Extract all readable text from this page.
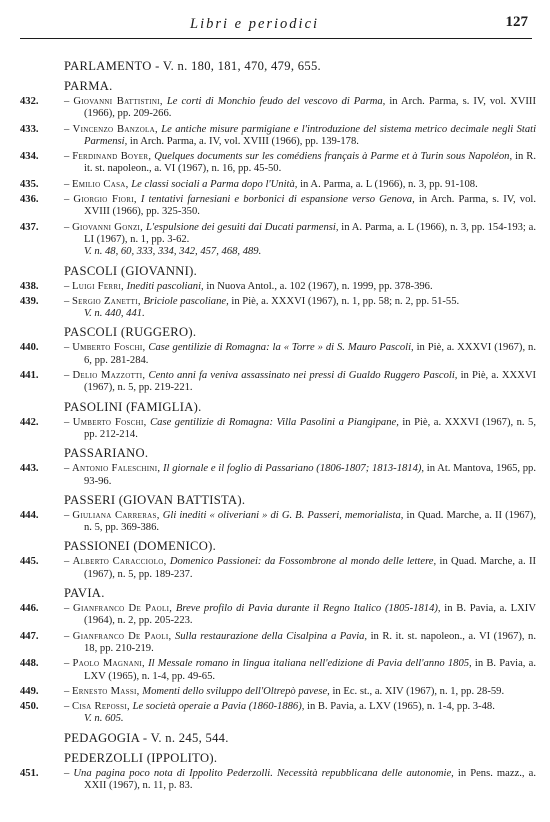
Libri e periodici	127
PARLAMENTO - V. n. 180, 181, 470, 479, 655.
PARMA.
432. – Giovanni Battistini, Le corti di Monchio feudo del vescovo di Parma, in Arch. Parma, s. IV, vol. XVIII (1966), pp. 209-266.
433. – Vincenzo Banzola, Le antiche misure parmigiane e l'introduzione del sistema metrico decimale negli Stati Parmensi, in Arch. Parma, a. IV, vol. XVIII (1966), pp. 139-178.
434. – Ferdinand Boyer, Quelques documents sur les comédiens français à Parme et à Turin sous Napoléon, in R. it. st. napoleon., a. VI (1967), n. 16, pp. 45-50.
435. – Emilio Casa, Le classi sociali a Parma dopo l'Unità, in A. Parma, a. L (1966), n. 3, pp. 91-108.
436. – Giorgio Fiori, I tentativi farnesiani e borbonici di espansione verso Genova, in Arch. Parma, s. IV, vol. XVIII (1966), pp. 325-350.
437. – Giovanni Gonzi, L'espulsione dei gesuiti dai Ducati parmensi, in A. Parma, a. L (1966), n. 3, pp. 154-193; a. LI (1967), n. 1, pp. 3-62.
V. n. 48, 60, 333, 334, 342, 457, 468, 489.
PASCOLI (GIOVANNI).
438. – Luigi Ferri, Inediti pascoliani, in Nuova Antol., a. 102 (1967), n. 1999, pp. 378-396.
439. – Sergio Zanetti, Briciole pascoliane, in Piè, a. XXXVI (1967), n. 1, pp. 58; n. 2, pp. 51-55.
V. n. 440, 441.
PASCOLI (RUGGERO).
440. – Umberto Foschi, Case gentilizie di Romagna: la « Torre » di S. Mauro Pascoli, in Piè, a. XXXVI (1967), n. 6, pp. 281-284.
441. – Delio Mazzotti, Cento anni fa veniva assassinato nei pressi di Gualdo Ruggero Pascoli, in Piè, a. XXXVI (1967), n. 5, pp. 219-221.
PASOLINI (FAMIGLIA).
442. – Umberto Foschi, Case gentilizie di Romagna: Villa Pasolini a Piangipane, in Piè, a. XXXVI (1967), n. 5, pp. 212-214.
PASSARIANO.
443. – Antonio Faleschini, Il giornale e il foglio di Passariano (1806-1807; 1813-1814), in At. Mantova, 1965, pp. 93-96.
PASSERI (GIOVAN BATTISTA).
444. – Giuliana Carreras, Gli inediti « oliveriani » di G. B. Passeri, memorialista, in Quad. Marche, a. II (1967), n. 5, pp. 369-386.
PASSIONEI (DOMENICO).
445. – Alberto Caracciolo, Domenico Passionei: da Fossombrone al mondo delle lettere, in Quad. Marche, a. II (1967), n. 5, pp. 189-237.
PAVIA.
446. – Gianfranco De Paoli, Breve profilo di Pavia durante il Regno Italico (1805-1814), in B. Pavia, a. LXIV (1964), n. 2, pp. 205-223.
447. – Gianfranco De Paoli, Sulla restaurazione della Cisalpina a Pavia, in R. it. st. napoleon., a. VI (1967), n. 18, pp. 210-219.
448. – Paolo Magnani, Il Messale romano in lingua italiana nell'edizione di Pavia dell'anno 1805, in B. Pavia, a. LXV (1965), n. 1-4, pp. 49-65.
449. – Ernesto Massi, Momenti dello sviluppo dell'Oltrepò pavese, in Ec. st., a. XIV (1967), n. 1, pp. 28-59.
450. – Cisa Repossi, Le società operaie a Pavia (1860-1886), in B. Pavia, a. LXV (1965), n. 1-4, pp. 3-48.
V. n. 605.
PEDAGOGIA - V. n. 245, 544.
PEDERZOLLI (IPPOLITO).
451. – Una pagina poco nota di Ippolito Pederzolli. Necessità repubblicana delle autonomie, in Pens. mazz., a. XXII (1967), n. 11, p. 83.
